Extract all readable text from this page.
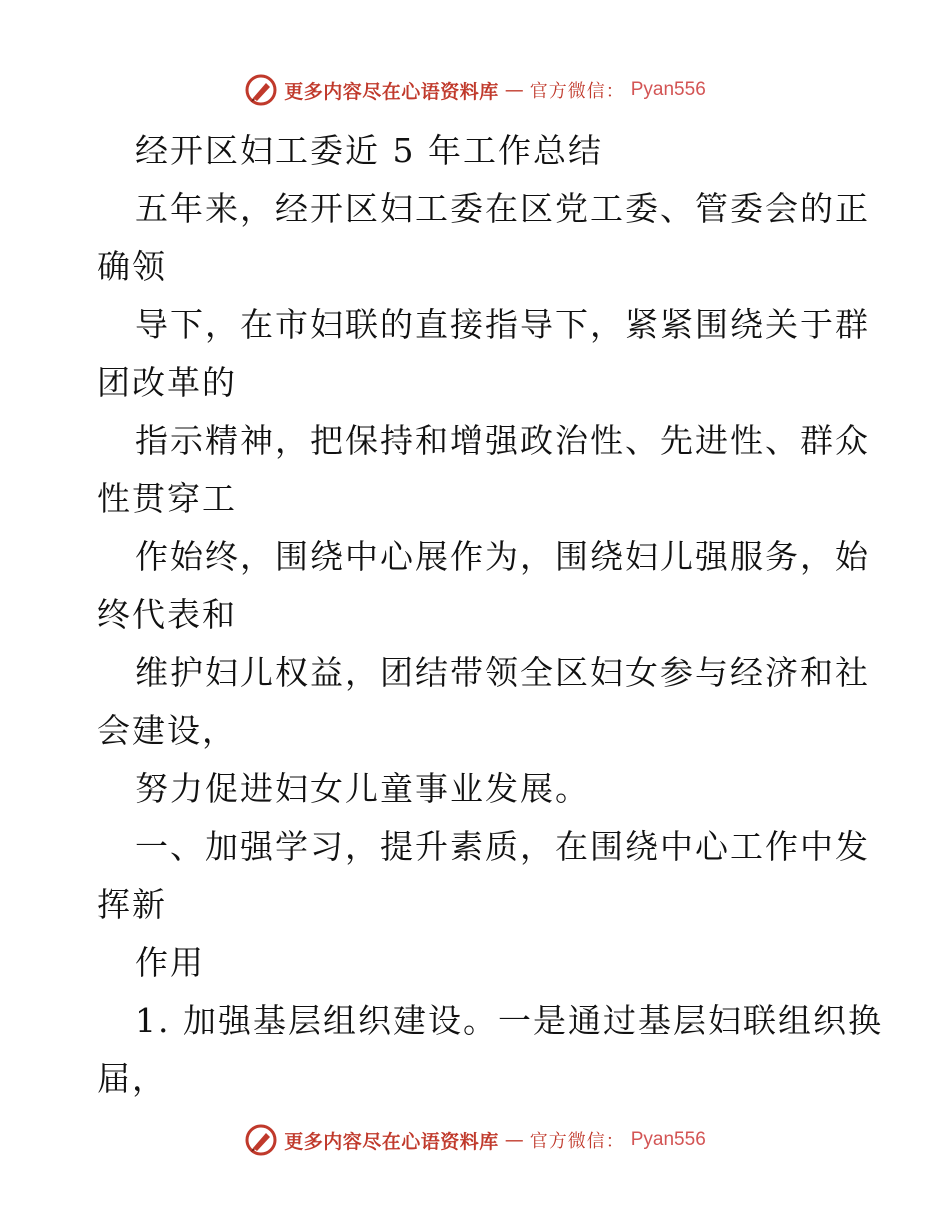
更多内容尽在心语资料库 — 官方微信： Pyan556
经开区妇工委近 5 年工作总结
五年来，经开区妇工委在区党工委、管委会的正
确领
导下，在市妇联的直接指导下，紧紧围绕关于群
团改革的
指示精神，把保持和增强政治性、先进性、群众
性贯穿工
作始终，围绕中心展作为，围绕妇儿强服务，始
终代表和
维护妇儿权益，团结带领全区妇女参与经济和社
会建设，
努力促进妇女儿童事业发展。
一、加强学习，提升素质，在围绕中心工作中发
挥新
作用
1. 加强基层组织建设。一是通过基层妇联组织换
届，
更多内容尽在心语资料库 — 官方微信： Pyan556
